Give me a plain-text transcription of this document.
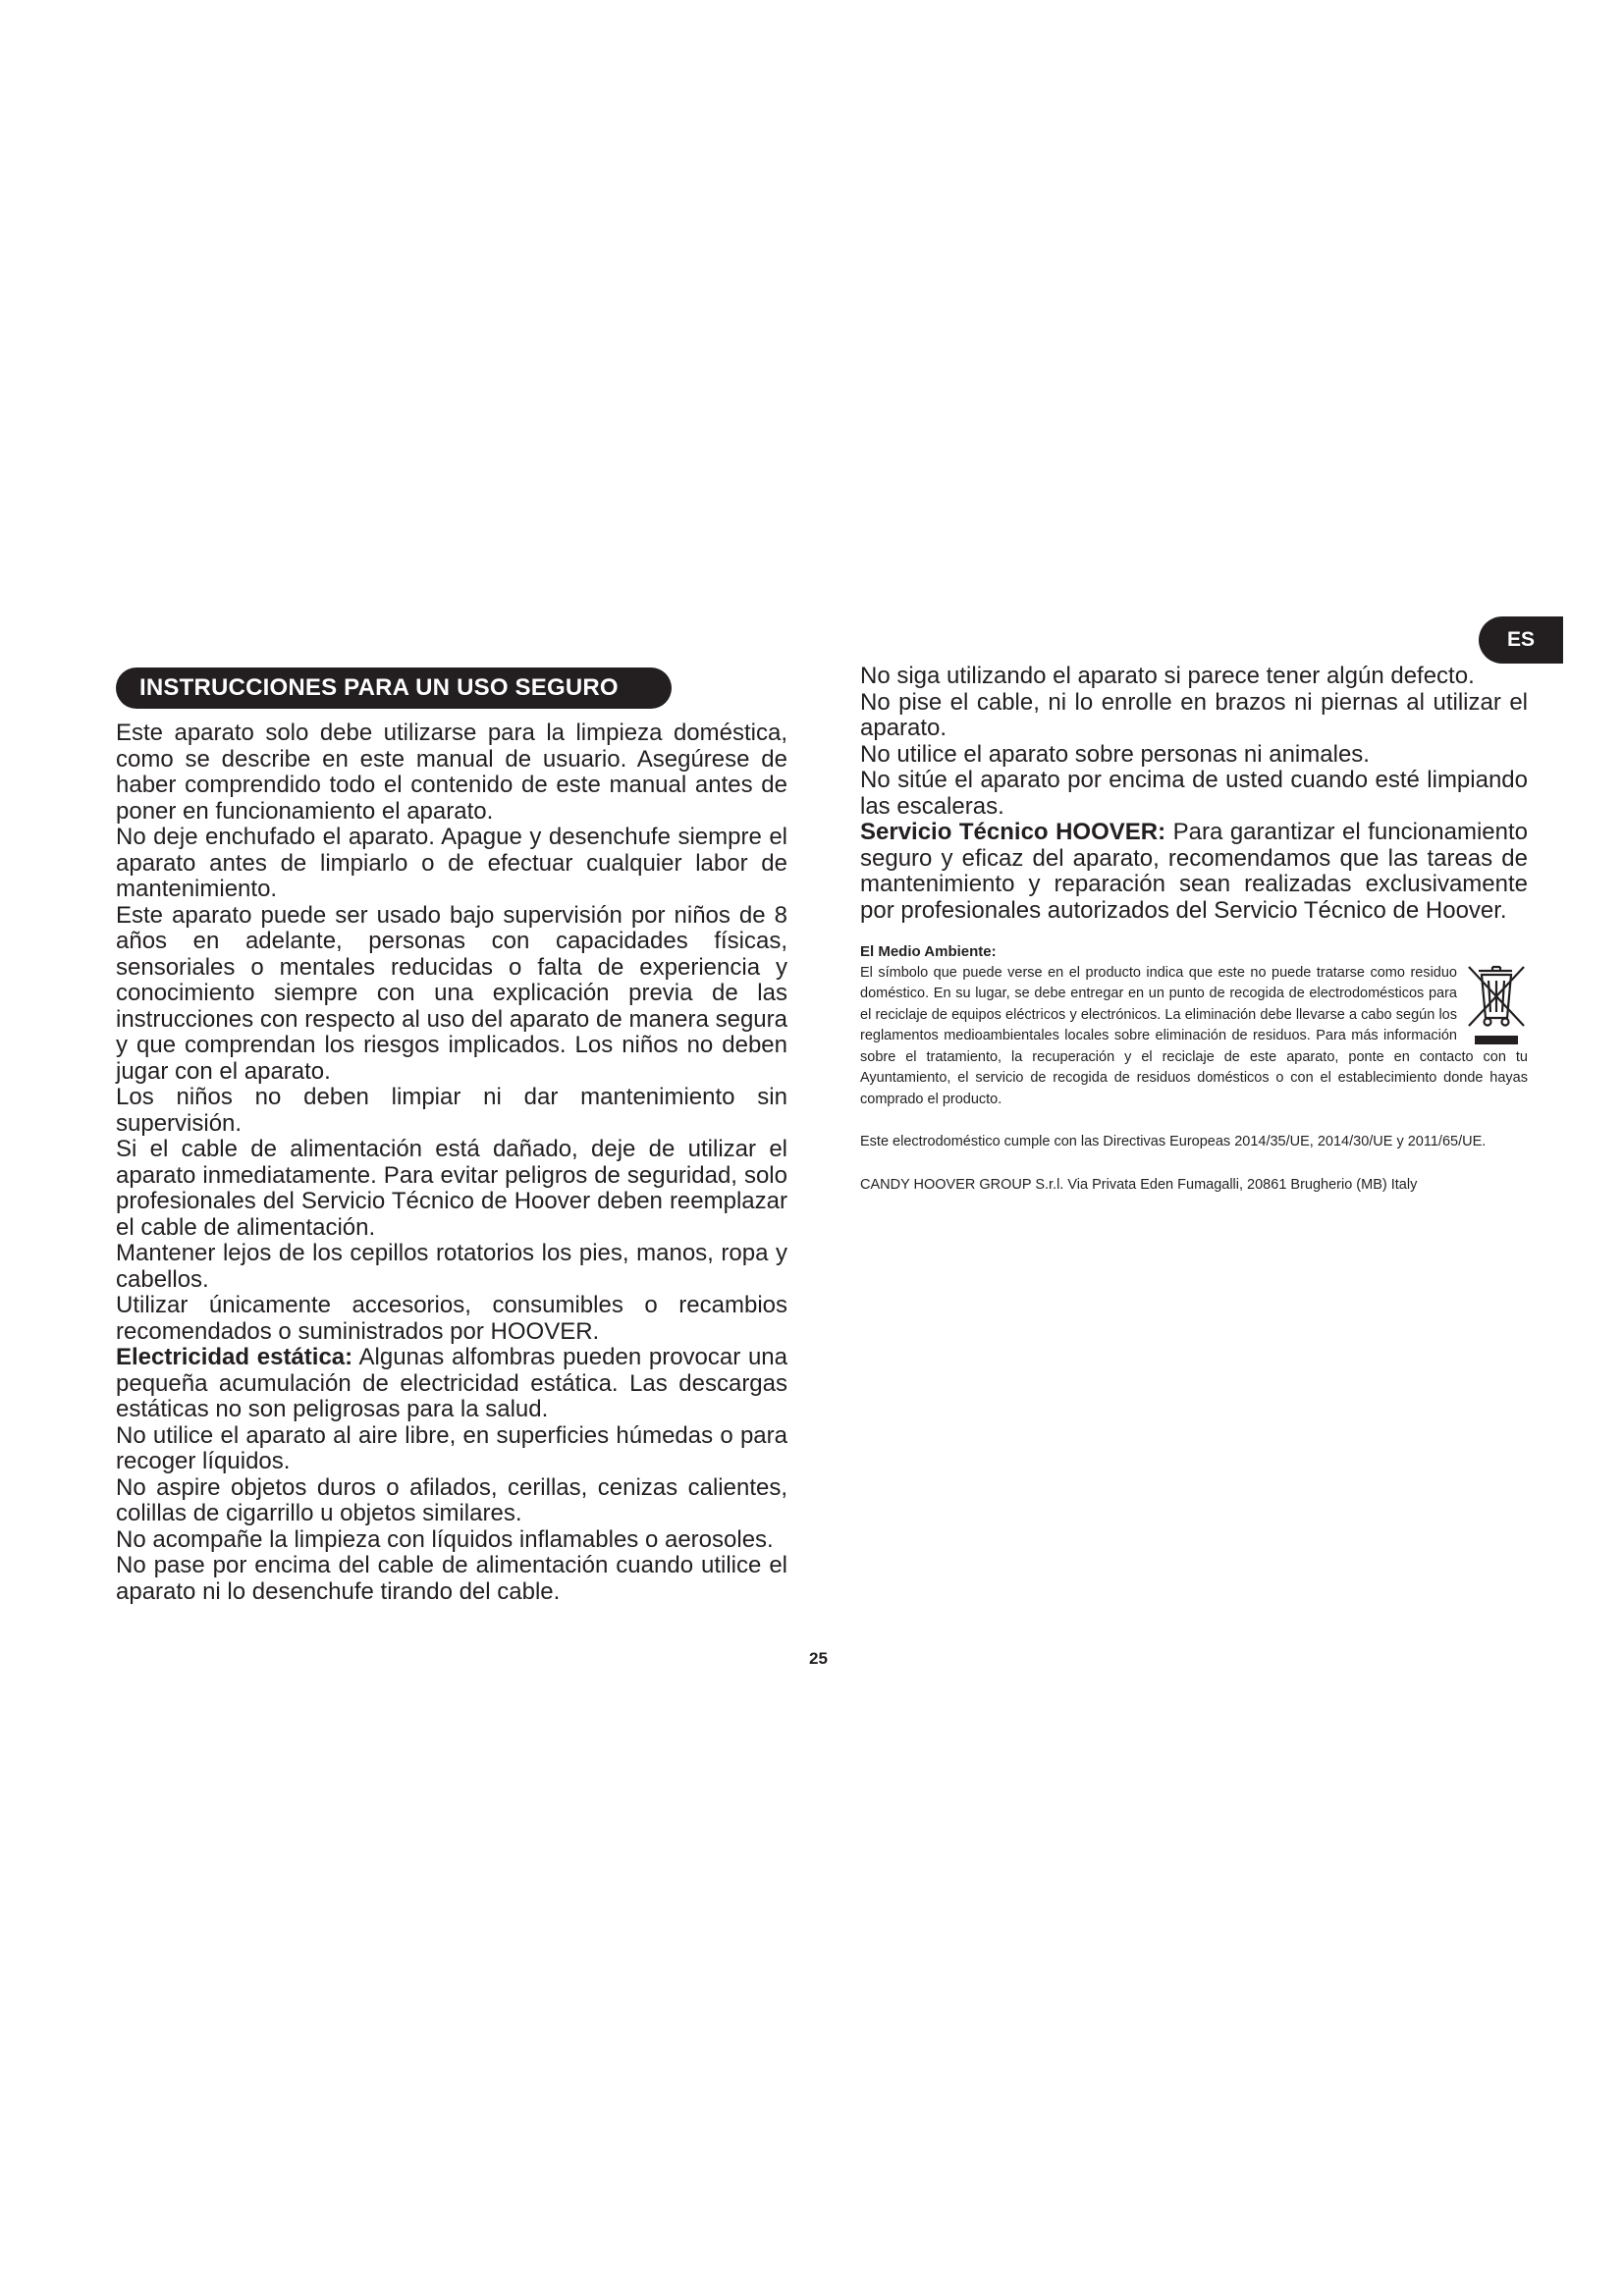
ES
INSTRUCCIONES PARA UN USO SEGURO

Este aparato solo debe utilizarse para la limpieza doméstica, como se describe en este manual de usuario. Asegúrese de haber comprendido todo el contenido de este manual antes de poner en funcionamiento el aparato.

No deje enchufado el aparato. Apague y desenchufe siempre el aparato antes de limpiarlo o de efectuar cualquier labor de mantenimiento.

Este aparato puede ser usado bajo supervisión por niños de 8 años en adelante, personas con capacidades físicas, sensoriales o mentales reducidas o falta de experiencia y conocimiento siempre con una explicación previa de las instrucciones con respecto al uso del aparato de manera segura y que comprendan los riesgos implicados. Los niños no deben jugar con el aparato.

Los niños no deben limpiar ni dar mantenimiento sin supervisión.

Si el cable de alimentación está dañado, deje de utilizar el aparato inmediatamente. Para evitar peligros de seguridad, solo profesionales del Servicio Técnico de Hoover deben reemplazar el cable de alimentación.

Mantener lejos de los cepillos rotatorios los pies, manos, ropa y cabellos.

Utilizar únicamente accesorios, consumibles o recambios recomendados o suministrados por HOOVER.

Electricidad estática: Algunas alfombras pueden provocar una pequeña acumulación de electricidad estática. Las descargas estáticas no son peligrosas para la salud.

No utilice el aparato al aire libre, en superficies húmedas o para recoger líquidos.

No aspire objetos duros o afilados, cerillas, cenizas calientes, colillas de cigarrillo u objetos similares.

No acompañe la limpieza con líquidos inflamables o aerosoles.

No pase por encima del cable de alimentación cuando utilice el aparato ni lo desenchufe tirando del cable.

No siga utilizando el aparato si parece tener algún defecto.

No pise el cable, ni lo enrolle en brazos ni piernas al utilizar el aparato.

No utilice el aparato sobre personas ni animales.

No sitúe el aparato por encima de usted cuando esté limpiando las escaleras.

Servicio Técnico HOOVER: Para garantizar el funcionamiento seguro y eficaz del aparato, recomendamos que las tareas de mantenimiento y reparación sean realizadas exclusivamente por profesionales autorizados del Servicio Técnico de Hoover.

El Medio Ambiente:

El símbolo que puede verse en el producto indica que este no puede tratarse como residuo doméstico. En su lugar, se debe entregar en un punto de recogida de electrodomésticos para el reciclaje de equipos eléctricos y electrónicos. La eliminación debe llevarse a cabo según los reglamentos medioambientales locales sobre eliminación de residuos. Para más información sobre el tratamiento, la recuperación y el reciclaje de este aparato, ponte en contacto con tu Ayuntamiento, el servicio de recogida de residuos domésticos o con el establecimiento donde hayas comprado el producto.

Este electrodoméstico cumple con las Directivas Europeas 2014/35/UE, 2014/30/UE y 2011/65/UE.

CANDY HOOVER GROUP S.r.l. Via Privata Eden Fumagalli, 20861 Brugherio (MB) Italy

25
